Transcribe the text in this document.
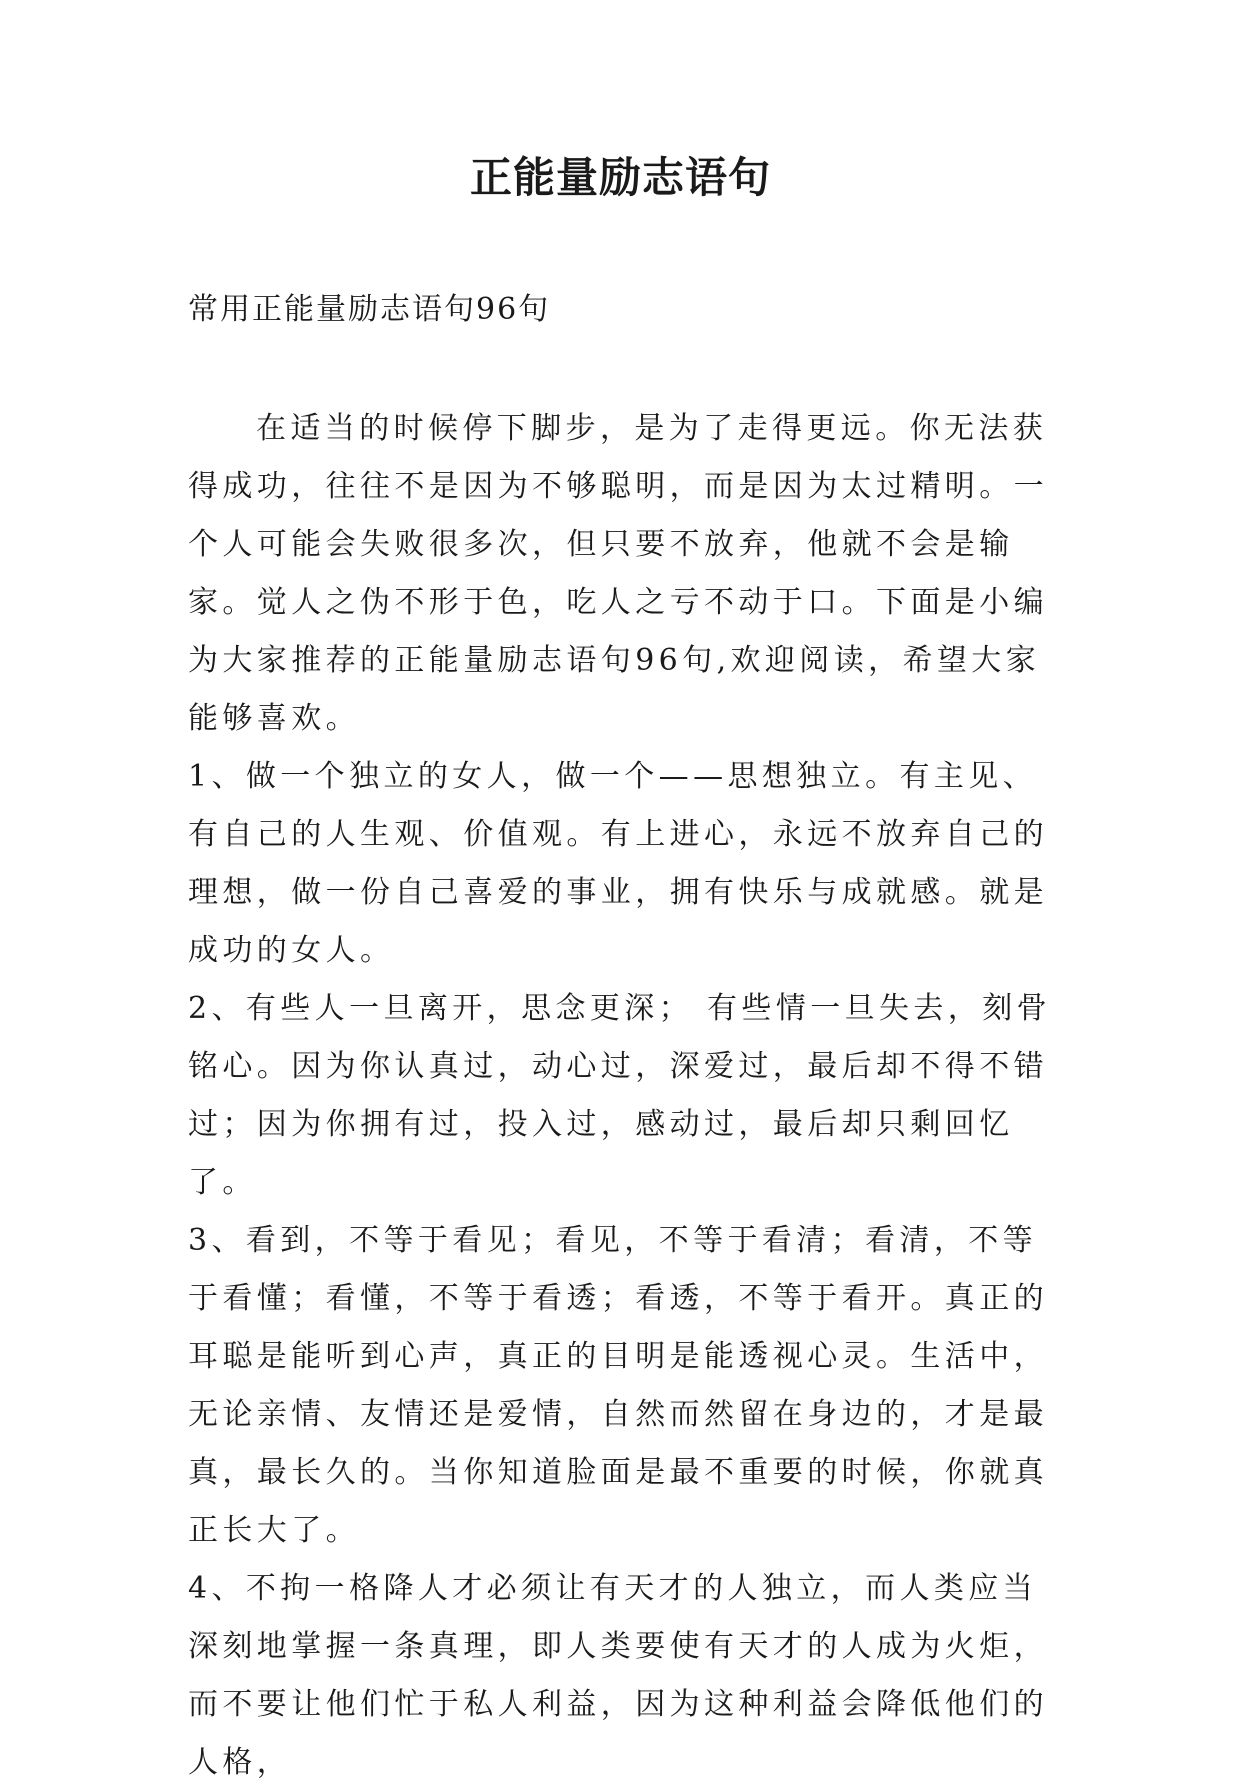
正能量励志语句
常用正能量励志语句96句

在适当的时候停下脚步，是为了走得更远。你无法获得成功，往往不是因为不够聪明，而是因为太过精明。一个人可能会失败很多次，但只要不放弃，他就不会是输家。觉人之伪不形于色，吃人之亏不动于口。下面是小编为大家推荐的正能量励志语句96句,欢迎阅读，希望大家能够喜欢。

1、做一个独立的女人，做一个——思想独立。有主见、有自己的人生观、价值观。有上进心，永远不放弃自己的理想，做一份自己喜爱的事业，拥有快乐与成就感。就是成功的女人。

2、有些人一旦离开，思念更深； 有些情一旦失去，刻骨铭心。因为你认真过，动心过，深爱过，最后却不得不错过；因为你拥有过，投入过，感动过，最后却只剩回忆了。

3、看到，不等于看见；看见，不等于看清；看清，不等于看懂；看懂，不等于看透；看透，不等于看开。真正的耳聪是能听到心声，真正的目明是能透视心灵。生活中，无论亲情、友情还是爱情，自然而然留在身边的，才是最真，最长久的。当你知道脸面是最不重要的时候，你就真正长大了。

4、不拘一格降人才必须让有天才的人独立，而人类应当深刻地掌握一条真理，即人类要使有天才的人成为火炬，而不要让他们忙于私人利益，因为这种利益会降低他们的人格，
